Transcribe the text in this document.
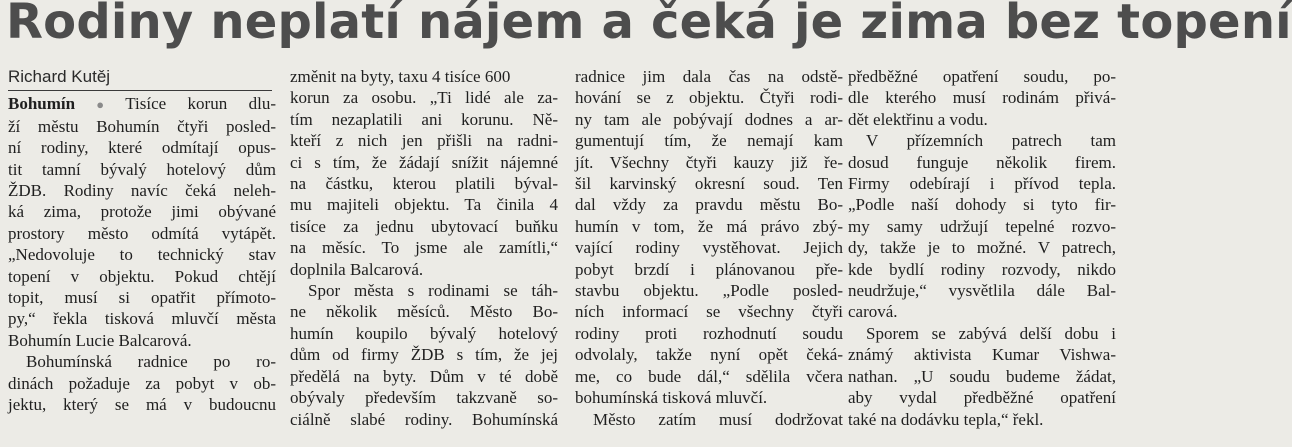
Rodiny neplatí nájem a čeká je zima bez topení
Richard Kutěj
Bohumín ● Tisíce korun dlu-
ží městu Bohumín čtyři posled-
ní rodiny, které odmítají opus-
tit tamní bývalý hotelový dům
ŽDB. Rodiny navíc čeká neleh-
ká zima, protože jimi obývané
prostory město odmítá vytápět.
„Nedovoluje to technický stav
topení v objektu. Pokud chtějí
topit, musí si opatřit přímoto-
py,“ řekla tisková mluvčí města
Bohumín Lucie Balcarová.
Bohumínská radnice po ro-
dinách požaduje za pobyt v ob-
jektu, který se má v budoucnu
změnit na byty, taxu 4 tisíce 600
korun za osobu. „Ti lidé ale za-
tím nezaplatili ani korunu. Ně-
kteří z nich jen přišli na radni-
ci s tím, že žádají snížit nájemné
na částku, kterou platili býval-
mu majiteli objektu. Ta činila 4
tisíce za jednu ubytovací buňku
na měsíc. To jsme ale zamítli,“
doplnila Balcarová.
Spor města s rodinami se táh-
ne několik měsíců. Město Bo-
humín koupilo bývalý hotelový
dům od firmy ŽDB s tím, že jej
předělá na byty. Dům v té době
obývaly především takzvaně so-
ciálně slabé rodiny. Bohumínská
radnice jim dala čas na odstě-
hování se z objektu. Čtyři rodi-
ny tam ale pobývají dodnes a ar-
gumentují tím, že nemají kam
jít. Všechny čtyři kauzy již ře-
šil karvinský okresní soud. Ten
dal vždy za pravdu městu Bo-
humín v tom, že má právo zbý-
vající rodiny vystěhovat. Jejich
pobyt brzdí i plánovanou pře-
stavbu objektu. „Podle posled-
ních informací se všechny čtyři
rodiny proti rozhodnutí soudu
odvolaly, takže nyní opět čeká-
me, co bude dál,“ sdělila včera
bohumínská tisková mluvčí.
Město zatím musí dodržovat
předběžné opatření soudu, po-
dle kterého musí rodinám přivá-
dět elektřinu a vodu.
V přízemních patrech tam
dosud funguje několik firem.
Firmy odebírají i přívod tepla.
„Podle naší dohody si tyto fir-
my samy udržují tepelné rozvo-
dy, takže je to možné. V patrech,
kde bydlí rodiny rozvody, nikdo
neudržuje,“ vysvětlila dále Bal-
carová.
Sporem se zabývá delší dobu i
známý aktivista Kumar Vishwa-
nathan. „U soudu budeme žádat,
aby vydal předběžné opatření
také na dodávku tepla,“ řekl.
